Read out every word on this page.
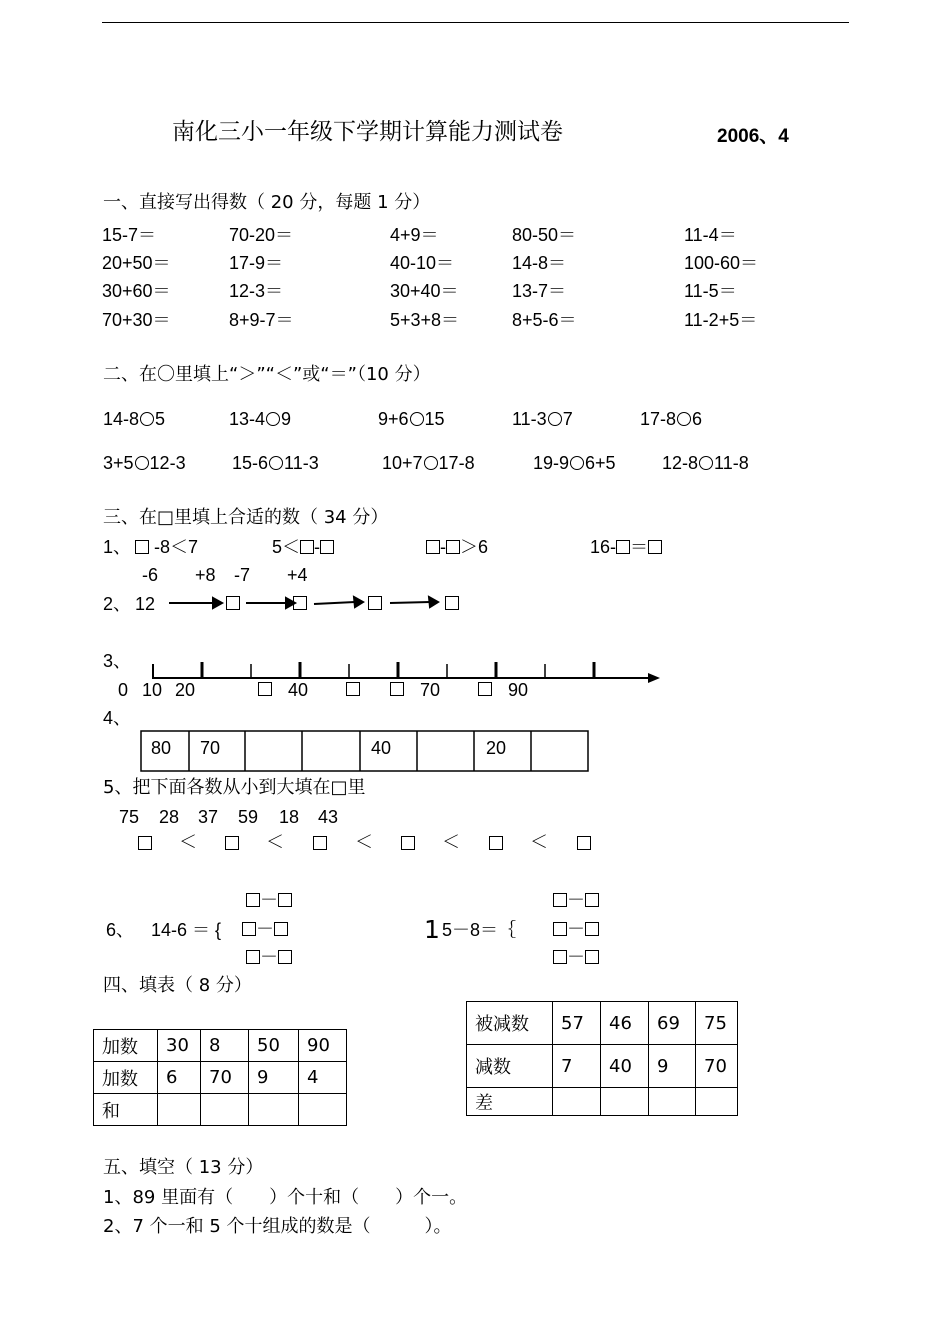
南化三小一年级下学期计算能力测试卷	2006、4
一、直接写出得数（ 20 分，每题 1 分）
二、在〇里填上“＞”“＜”或“＝”（10 分）
三、在□里填上合适的数（ 34 分）
1、	-8＜7	5＜ -	- ＞6	16- ＝
-6 +8 -7 +4
2、 12
3、
0 10 20	40	70	90
4、
80 70	40	20
5、把下面各数从小到大填在□里
75 28 37 59 18 43
＜	＜	＜	＜	＜
－	－
6、 14-6 ＝ {	－	1 5－8＝｛	－
－	－
四、填表（ 8 分）
加数	30	8	50	90
加数	6	70	9	4
和				
被减数	57	46	69	75
减数	7	40	9	70
差				
五、填空（ 13 分）
1、89 里面有（　　）个十和（　　）个一。
2、7 个一和 5 个十组成的数是（　　　）。
15-7＝	70-20＝	4+9＝	80-50＝	11-4＝
20+50＝	17-9＝	40-10＝	14-8＝	100-60＝
30+60＝	12-3＝	30+40＝	13-7＝	11-5＝
70+30＝	8+9-7＝	5+3+8＝	8+5-6＝	11-2+5＝
14-8 5	13-4 9	9+6 15	11-3 7	17-8 6
3+5 12-3	15-6 11-3	10+7 17-8	19-9 6+5	12-8 11-8
